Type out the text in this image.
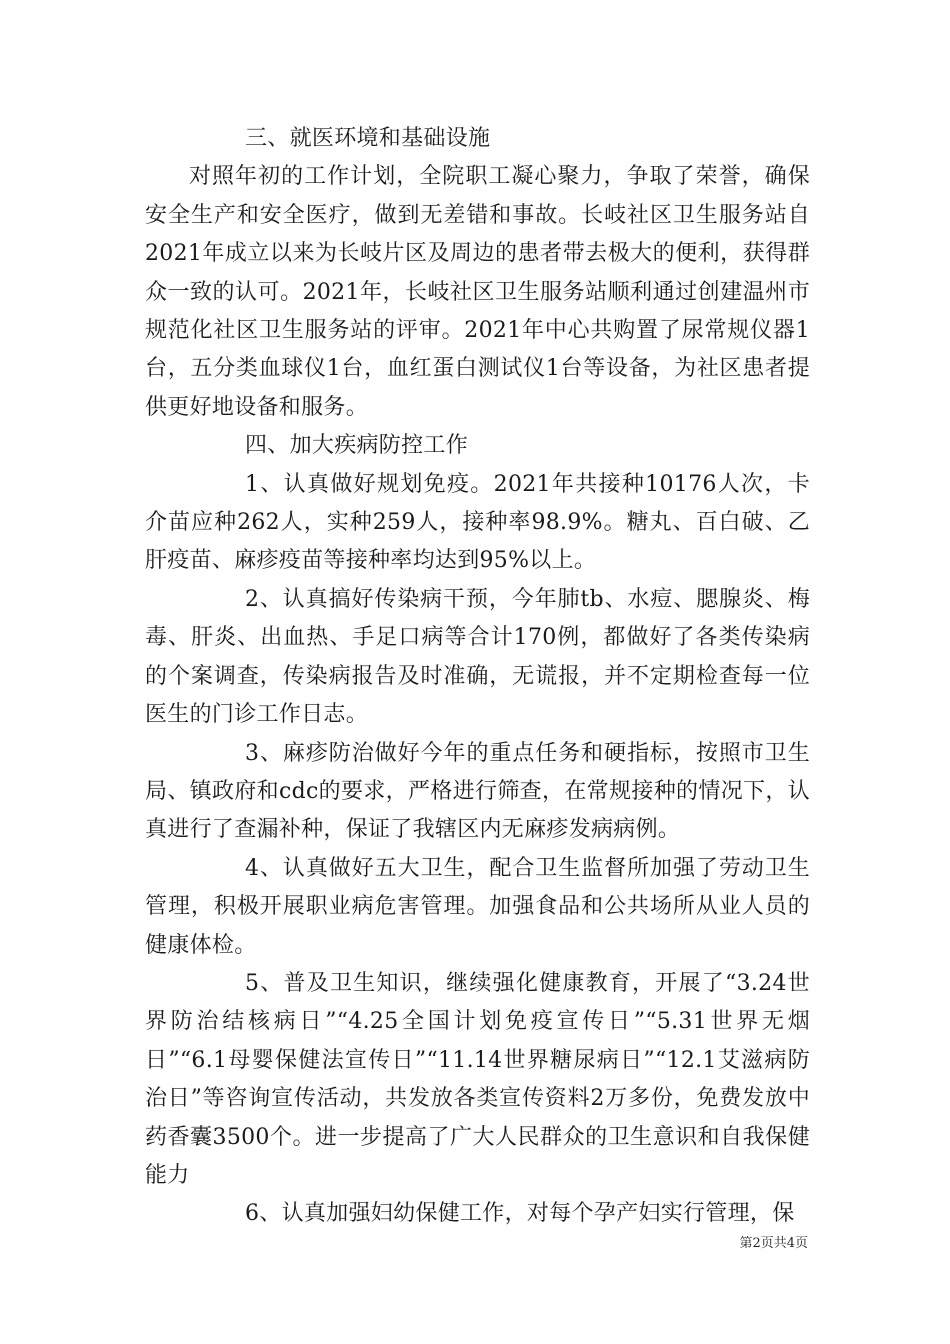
三、就医环境和基础设施

对照年初的工作计划，全院职工凝心聚力，争取了荣誉，确保安全生产和安全医疗，做到无差错和事故。长岐社区卫生服务站自2021年成立以来为长岐片区及周边的患者带去极大的便利，获得群众一致的认可。2021年，长岐社区卫生服务站顺利通过创建温州市规范化社区卫生服务站的评审。2021年中心共购置了尿常规仪器1台，五分类血球仪1台，血红蛋白测试仪1台等设备，为社区患者提供更好地设备和服务。

四、加大疾病防控工作

1、认真做好规划免疫。2021年共接种10176人次，卡介苗应种262人，实种259人，接种率98.9%。糖丸、百白破、乙肝疫苗、麻疹疫苗等接种率均达到95%以上。

2、认真搞好传染病干预，今年肺tb、水痘、腮腺炎、梅毒、肝炎、出血热、手足口病等合计170例，都做好了各类传染病的个案调查，传染病报告及时准确，无谎报，并不定期检查每一位医生的门诊工作日志。

3、麻疹防治做好今年的重点任务和硬指标，按照市卫生局、镇政府和cdc的要求，严格进行筛查，在常规接种的情况下，认真进行了查漏补种，保证了我辖区内无麻疹发病病例。

4、认真做好五大卫生，配合卫生监督所加强了劳动卫生管理，积极开展职业病危害管理。加强食品和公共场所从业人员的健康体检。

5、普及卫生知识，继续强化健康教育，开展了“3.24世界防治结核病日”“4.25全国计划免疫宣传日”“5.31世界无烟日”“6.1母婴保健法宣传日”“11.14世界糖尿病日”“12.1艾滋病防治日”等咨询宣传活动，共发放各类宣传资料2万多份，免费发放中药香囊3500个。进一步提高了广大人民群众的卫生意识和自我保健能力

6、认真加强妇幼保健工作，对每个孕产妇实行管理，保

第2页共4页
